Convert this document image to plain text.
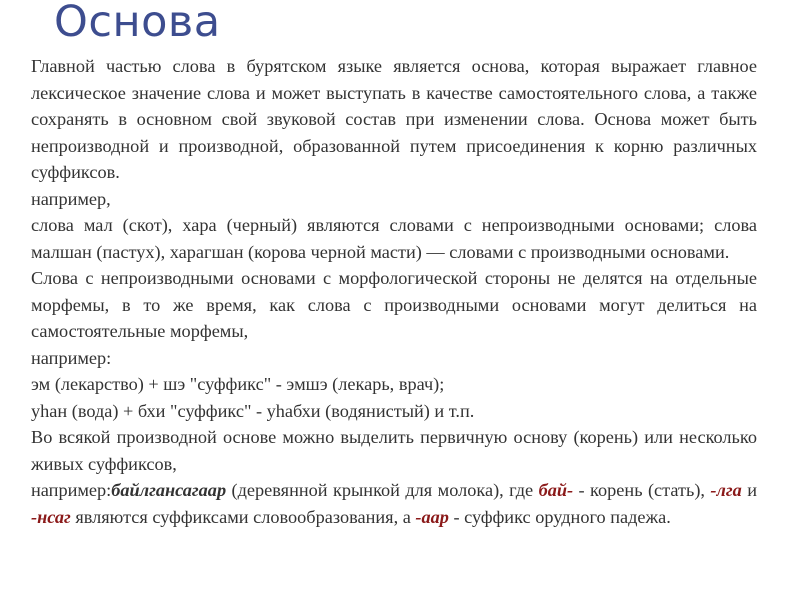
Основа

Главной частью слова в бурятском языке является основа, которая выражает главное лексическое значение слова и может выступать в качестве самостоятельного слова, а также сохранять в основном свой звуковой состав при изменении слова. Основа может быть непроизводной и производной, образованной путем присоединения к корню различных суффиксов.

например,

слова мал (скот), хара (черный) являются словами с непроизводными основами; слова малшан (пастух), харагшан (корова черной масти) — словами с производными основами.

Слова с непроизводными основами с морфологической стороны не делятся на отдельные морфемы, в то же время, как слова с производными основами могут делиться на самостоятельные морфемы,

например:

эм (лекарство) + шэ "суффикс" - эмшэ (лекарь, врач);

уһан (вода) + бхи "суффикс" - уһабхи (водянистый) и т.п.

Во всякой производной основе можно выделить первичную основу (корень) или несколько живых суффиксов,

например:байлгансагаар (деревянной крынкой для молока), где бай- - корень (стать), -лга и -нсаг являются суффиксами словообразования, а -аар - суффикс орудного падежа.
